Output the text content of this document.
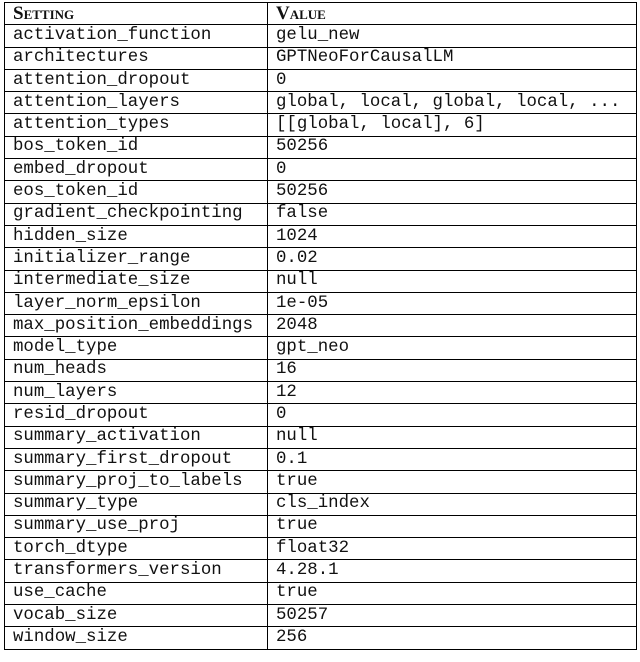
Setting	Value
activation_function	gelu_new
architectures	GPTNeoForCausalLM
attention_dropout	0
attention_layers	global, local, global, local, ...
attention_types	[[global, local], 6]
bos_token_id	50256
embed_dropout	0
eos_token_id	50256
gradient_checkpointing	false
hidden_size	1024
initializer_range	0.02
intermediate_size	null
layer_norm_epsilon	1e-05
max_position_embeddings	2048
model_type	gpt_neo
num_heads	16
num_layers	12
resid_dropout	0
summary_activation	null
summary_first_dropout	0.1
summary_proj_to_labels	true
summary_type	cls_index
summary_use_proj	true
torch_dtype	float32
transformers_version	4.28.1
use_cache	true
vocab_size	50257
window_size	256
